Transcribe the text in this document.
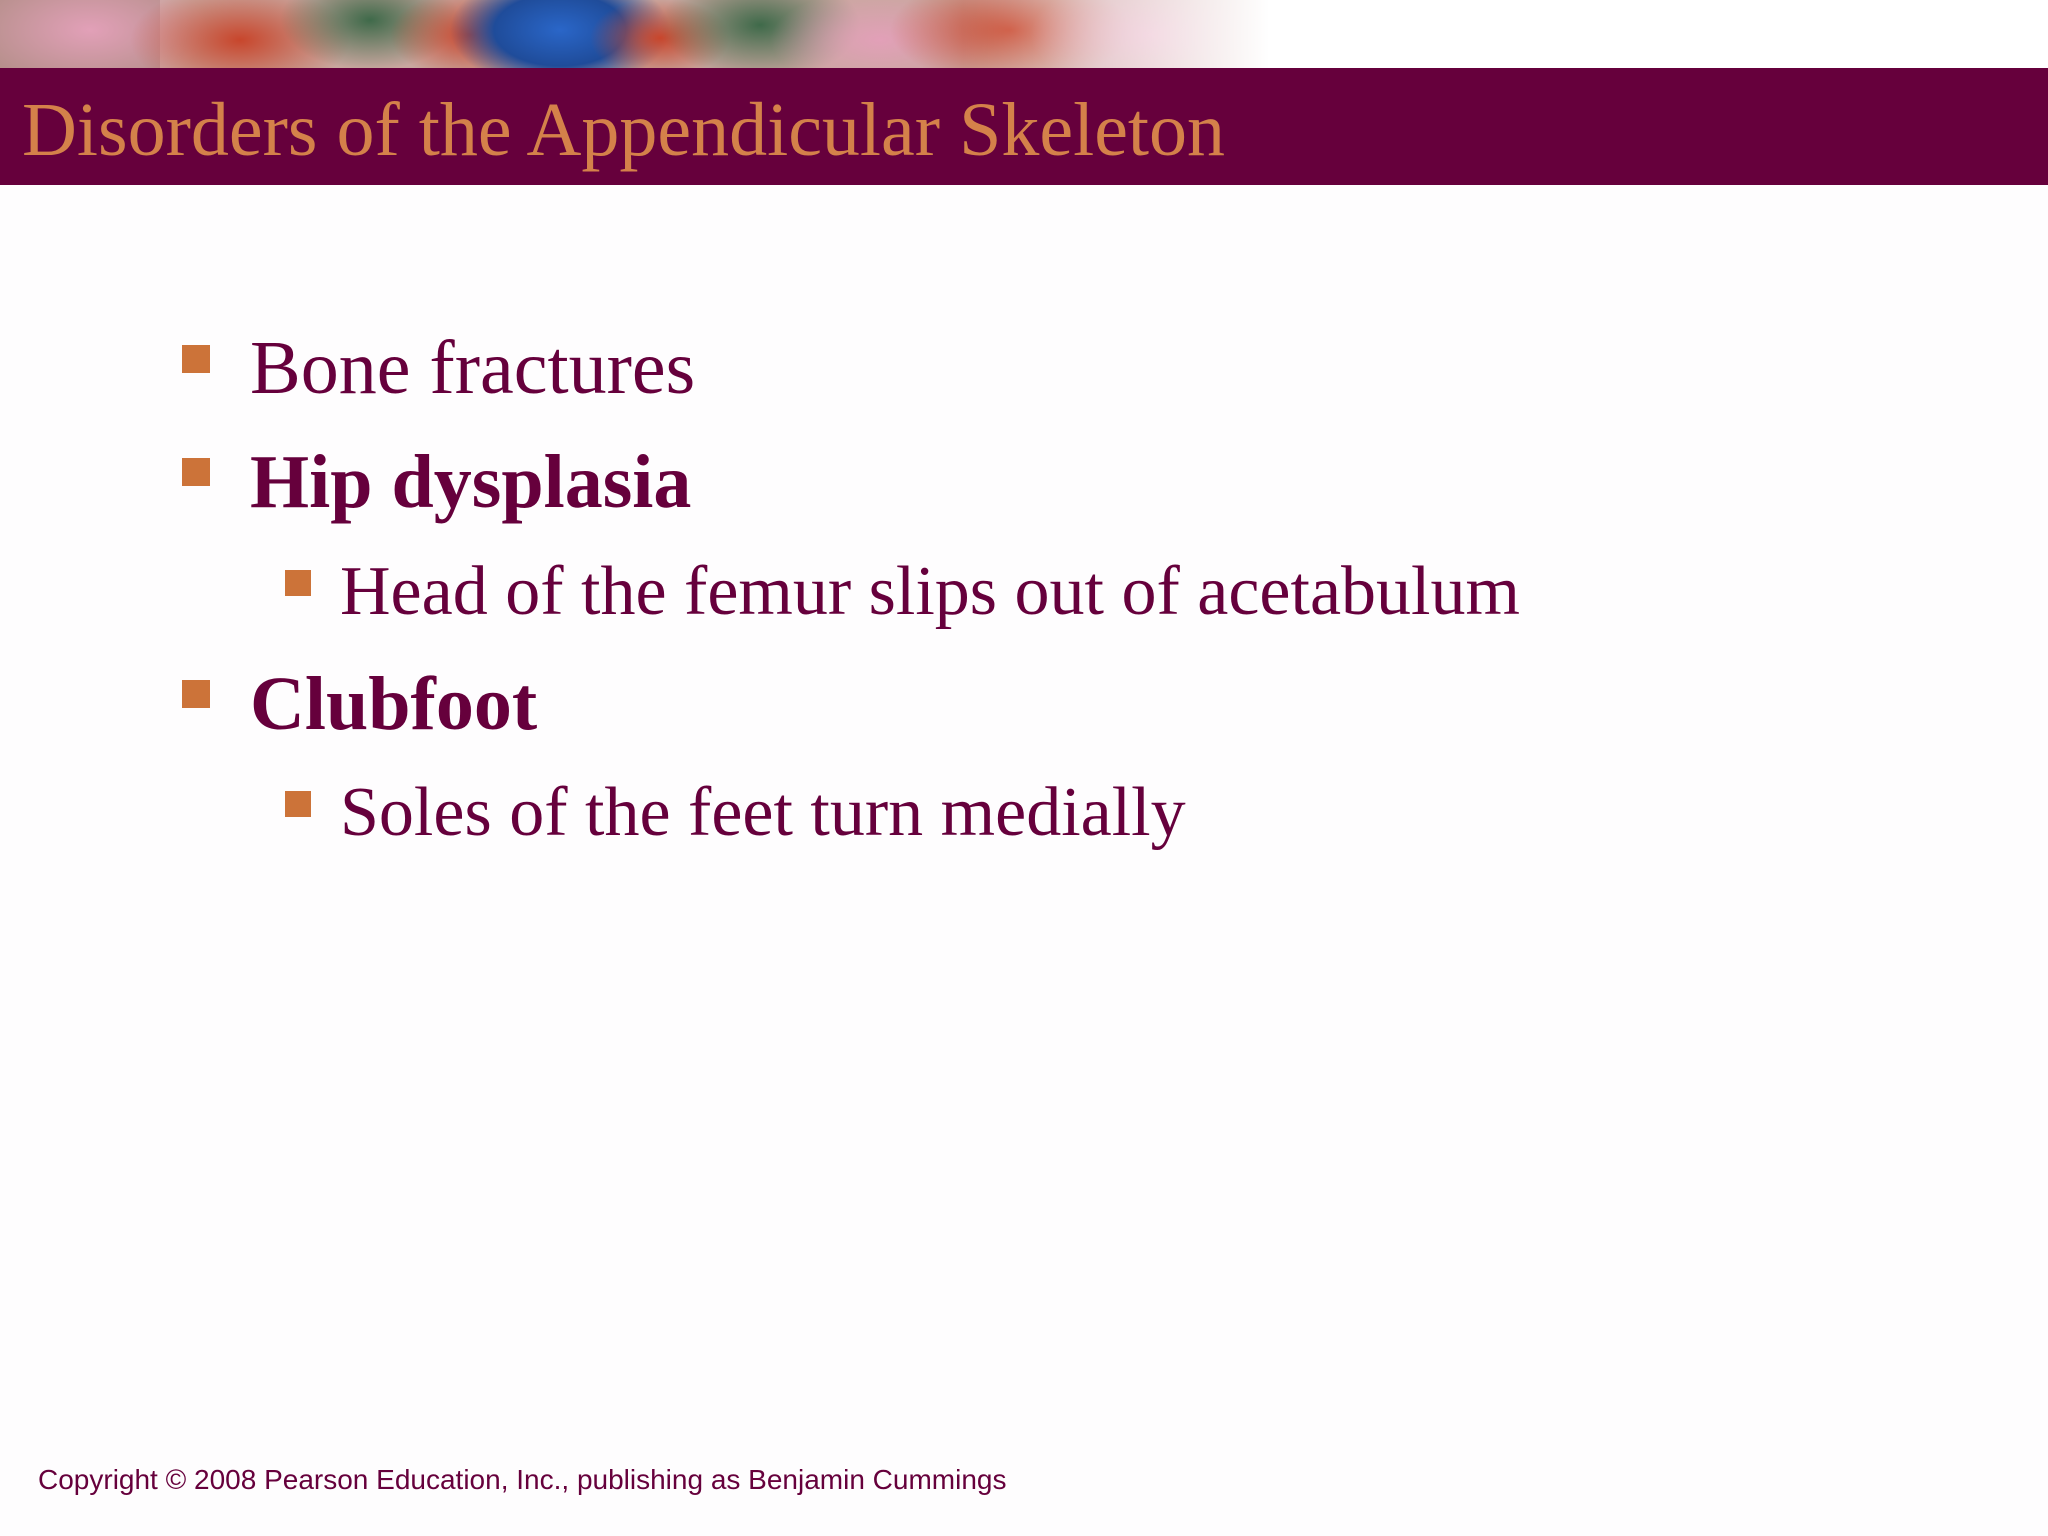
Disorders of the Appendicular Skeleton

Bone fractures

Hip dysplasia

Head of the femur slips out of acetabulum

Clubfoot

Soles of the feet turn medially

Copyright © 2008 Pearson Education, Inc., publishing as Benjamin Cummings
